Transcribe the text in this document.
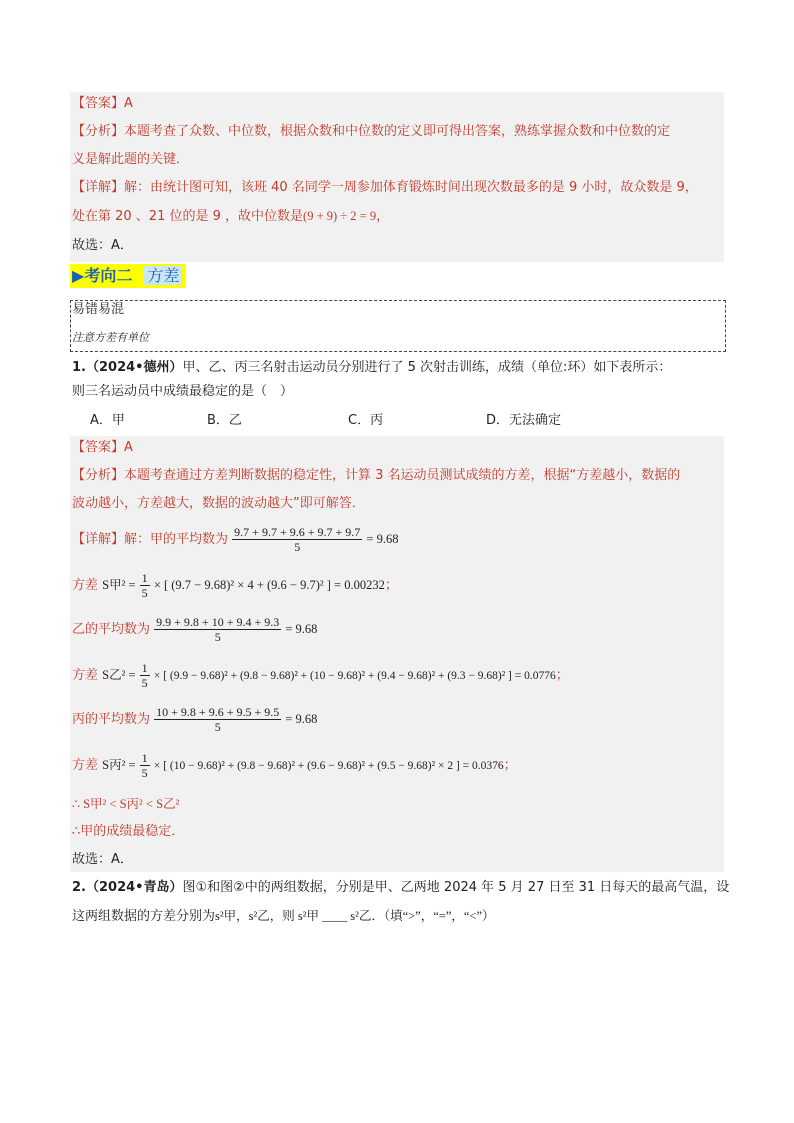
【答案】A
【分析】本题考查了众数、中位数，根据众数和中位数的定义即可得出答案，熟练掌握众数和中位数的定
义是解此题的关键．
【详解】解：由统计图可知，该班 40 名同学一周参加体育锻炼时间出现次数最多的是 9 小时，故众数是 9，
处在第 20 、21 位的是 9 ，故中位数是(9 + 9) ÷ 2 = 9，
故选：A．
▶考向二 方差
易错易混
注意方差有单位
1.（2024•德州）甲、乙、丙三名射击运动员分别进行了 5 次射击训练，成绩（单位:环）如下表所示：
则三名运动员中成绩最稳定的是（　）
A．甲	B．乙	C．丙	D．无法确定
【答案】A
【分析】本题考查通过方差判断数据的稳定性，计算 3 名运动员测试成绩的方差，根据“方差越小，数据的
波动越小，方差越大，数据的波动越大”即可解答．
【详解】解：甲的平均数为 $\frac{9.7 + 9.7 + 9.6 + 9.7 + 9.7}{5} = 9.68$
方差 S甲$^2 = \frac{1}{5}$ × [ (9.7 − 9.68)² × 4 + (9.6 − 9.7)² ] = 0.00232；
乙的平均数为 $\frac{9.9 + 9.8 + 10 + 9.4 + 9.3}{5} = 9.68$
方差 S乙$^2 = \frac{1}{5}$ × [ (9.9 − 9.68)² + (9.8 − 9.68)² + (10 − 9.68)² + (9.4 − 9.68)² + (9.3 − 9.68)² ] = 0.0776；
丙的平均数为 $\frac{10 + 9.8 + 9.6 + 9.5 + 9.5}{5} = 9.68$
方差 S丙$^2 = \frac{1}{5}$ × [ (10 − 9.68)² + (9.8 − 9.68)² + (9.6 − 9.68)² + (9.5 − 9.68)² × 2 ] = 0.0376；
∴ S甲² < S丙² < S乙²
∴甲的成绩最稳定．
故选：A．
2.（2024•青岛）图①和图②中的两组数据，分别是甲、乙两地 2024 年 5 月 27 日至 31 日每天的最高气温，设
这两组数据的方差分别为s²甲，s²乙，则 s²甲 ____ s²乙．（填“>”，“=”，“<”）
